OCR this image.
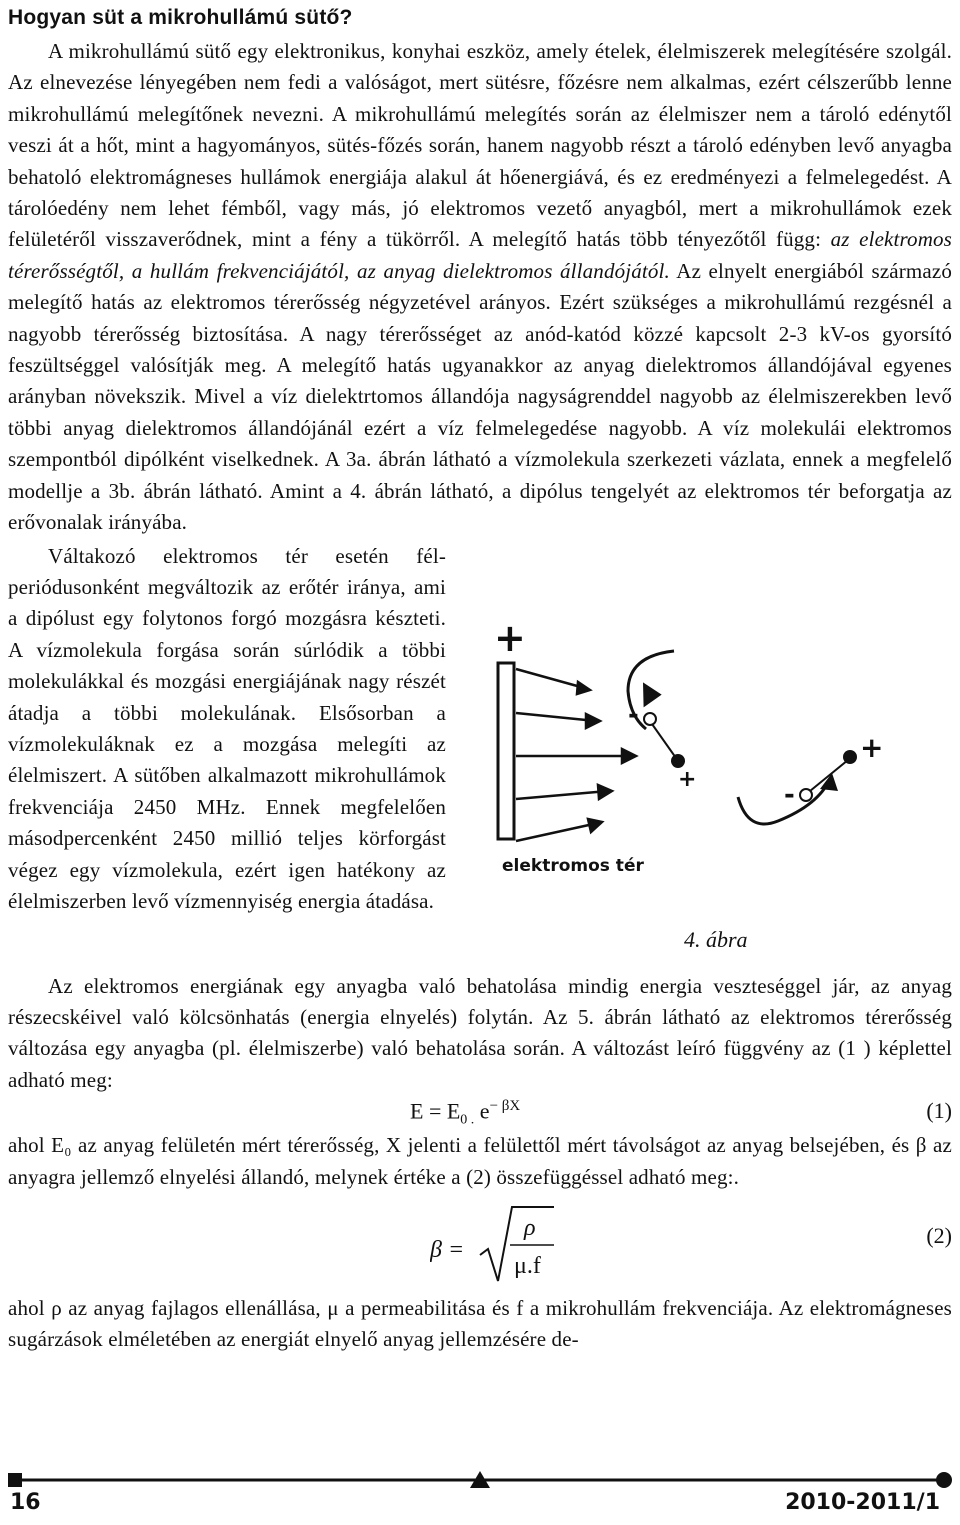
Hogyan süt a mikrohullámú sütő?

A mikrohullámú sütő egy elektronikus, konyhai eszköz, amely ételek, élelmiszerek melegítésére szolgál. Az elnevezése lényegében nem fedi a valóságot, mert sütésre, főzésre nem alkalmas, ezért célszerűbb lenne mikrohullámú melegítőnek nevezni. A mikrohullámú melegítés során az élelmiszer nem a tároló edénytől veszi át a hőt, mint a hagyományos, sütés-főzés során, hanem nagyobb részt a tároló edényben levő anyagba behatoló elektromágneses hullámok energiája alakul át hőenergiává, és ez eredményezi a felmelegedést. A tárolóedény nem lehet fémből, vagy más, jó elektromos vezető anyagból, mert a mikrohullámok ezek felületéről visszaverődnek, mint a fény a tükörről. A melegítő hatás több tényezőtől függ: az elektromos térerősségtől, a hullám frekvenciájától, az anyag dielektromos állandójától. Az elnyelt energiából származó melegítő hatás az elektromos térerősség négyzetével arányos. Ezért szükséges a mikrohullámú rezgésnél a nagyobb térerősség biztosítása. A nagy térerősséget az anód-katód közzé kapcsolt 2-3 kV-os gyorsító feszültséggel valósítják meg. A melegítő hatás ugyanakkor az anyag dielektromos állandójával egyenes arányban növekszik. Mivel a víz dielektrtomos állandója nagyságrenddel nagyobb az élelmiszerekben levő többi anyag dielektromos állandójánál ezért a víz felmelegedése nagyobb. A víz molekulái elektromos szempontból dipólként viselkednek. A 3a. ábrán látható a vízmolekula szerkezeti vázlata, ennek a megfelelő modellje a 3b. ábrán látható. Amint a 4. ábrán látható, a dipólus tengelyét az elektromos tér beforgatja az erővonalak irányába.

Váltakozó elektromos tér esetén fél-periódusonként megváltozik az erőtér iránya, ami a dipólust egy folytonos forgó mozgásra készteti. A vízmolekula forgása során súrlódik a többi molekulákkal és mozgási energiájának nagy részét átadja a többi molekulának. Elsősorban a vízmolekuláknak ez a mozgása melegíti az élelmiszert. A sütőben alkalmazott mikrohullámok frekvenciája 2450 MHz. Ennek megfelelően másodpercenként 2450 millió teljes körforgást végez egy vízmolekula, ezért igen hatékony az élelmiszerben levő vízmennyiség energia átadása.

+
-
+
+
-
elektromos tér
4. ábra

Az elektromos energiának egy anyagba való behatolása mindig energia veszteséggel jár, az anyag részecskéivel való kölcsönhatás (energia elnyelés) folytán. Az 5. ábrán látható az elektromos térerősség változása egy anyagba (pl. élelmiszerbe) való behatolása során. A változást leíró függvény az (1 ) képlettel adható meg:

$E = E_{0 .}$ $e^{- \beta X}$	(1)

ahol E₀ az anyag felületén mért térerősség, X jelenti a felülettől mért távolságot az anyag belsejében, és β az anyagra jellemző elnyelési állandó, melynek értéke a (2) összefüggéssel adható meg:.

β =
ρ
μ.f
(2)

ahol ρ az anyag fajlagos ellenállása, μ a permeabilitása és f a mikrohullám frekvenciája. Az elektromágneses sugárzások elméletében az energiát elnyelő anyag jellemzésére de-

16	2010-2011/1
